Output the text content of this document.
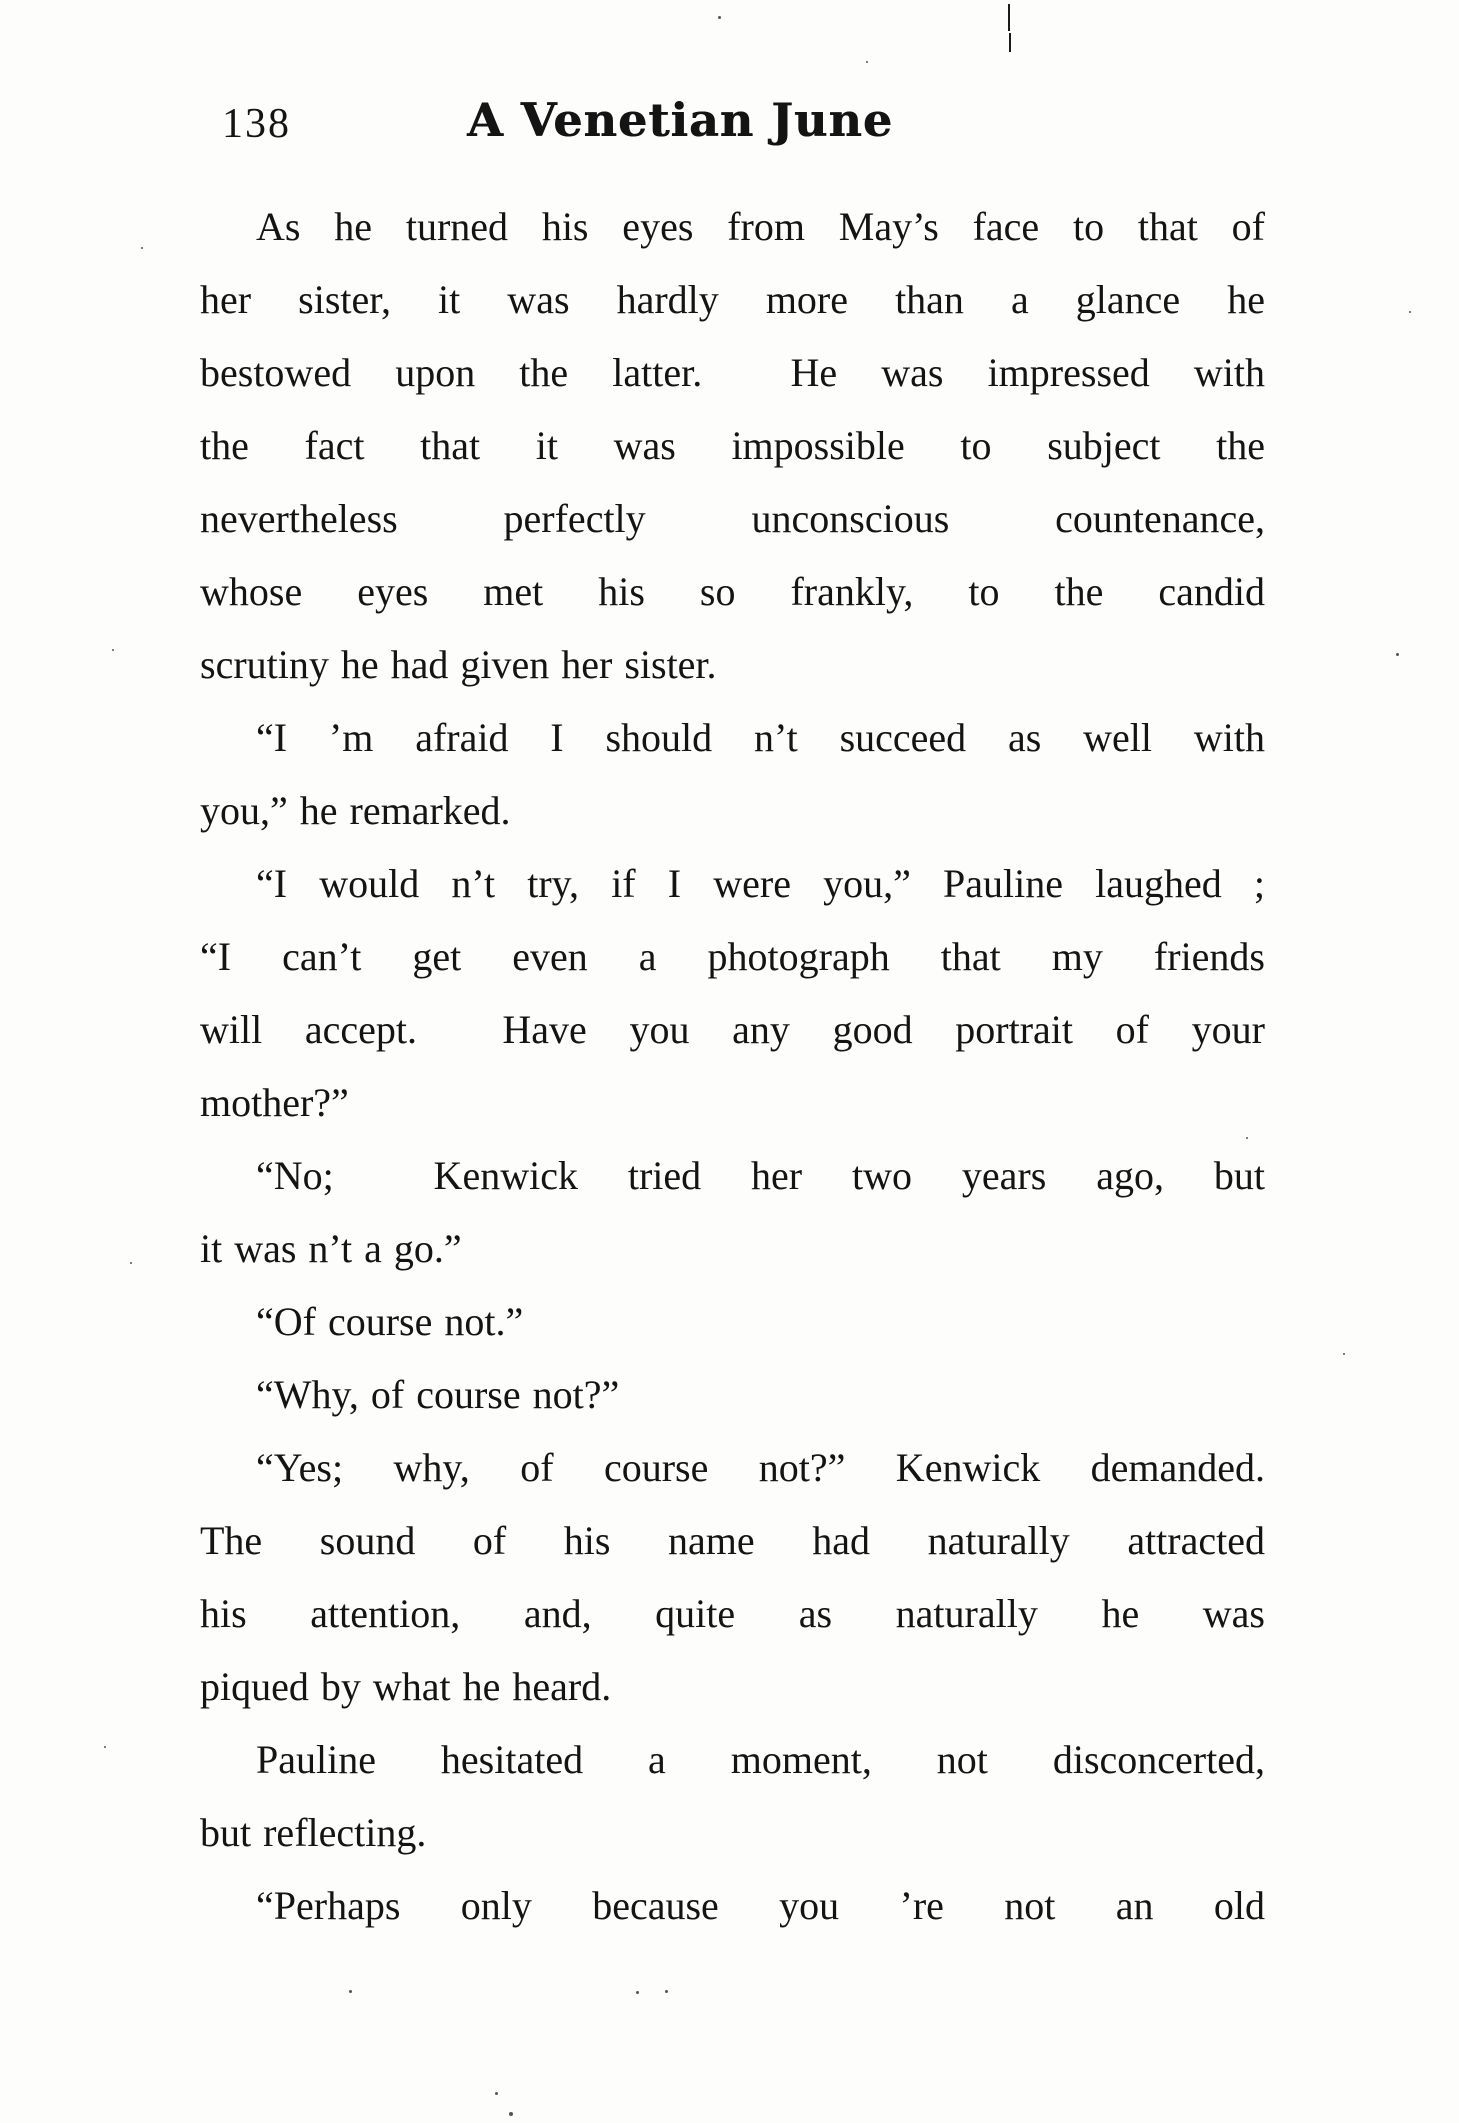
138	A Venetian June
As he turned his eyes from May’s face to that of
her sister, it was hardly more than a glance he
bestowed upon the latter.  He was impressed with
the fact that it was impossible to subject the
nevertheless perfectly unconscious countenance,
whose eyes met his so frankly, to the candid
scrutiny he had given her sister.
“I ’m afraid I should n’t succeed as well with
you,” he remarked.
“I would n’t try, if I were you,” Pauline laughed ;
“I can’t get even a photograph that my friends
will accept.  Have you any good portrait of your
mother?”
“No;  Kenwick tried her two years ago, but
it was n’t a go.”
“Of course not.”
“Why, of course not?”
“Yes; why, of course not?” Kenwick demanded.
The sound of his name had naturally attracted
his attention, and, quite as naturally he was
piqued by what he heard.
Pauline hesitated a moment, not disconcerted,
but reflecting.
“Perhaps only because you ’re not an old
